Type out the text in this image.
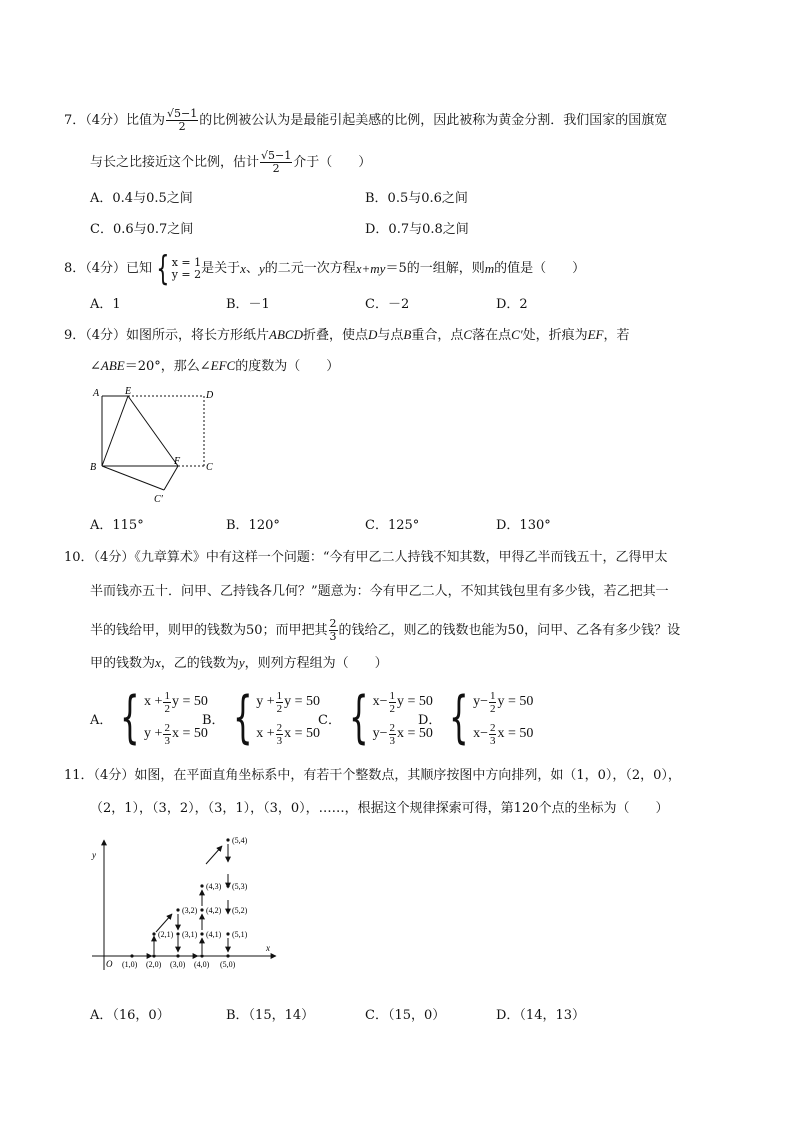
7．（4分）比值为 $\frac{√5-1}{2}$ 的比例被公认为是最能引起美感的比例，因此被称为黄金分割．我们国家的国旗宽
与长之比接近这个比例，估计 $\frac{√5-1}{2}$ 介于（　　）
A．0.4与0.5之间	B．0.5与0.6之间
C．0.6与0.7之间	D．0.7与0.8之间
8．（4分）已知 { x = 1
y = 2 是关于 x 、 y 的二元一次方程 x+my ＝5的一组解，则 m 的值是（　　）
A．1	B．－1	C．－2	D．2
9．（4分）如图所示，将长方形纸片ABCD折叠，使点D与点B重合，点C落在点C′处，折痕为EF，若
∠ABE＝20°，那么∠EFC的度数为（　　）
A	E	D
B
F
C
C′
A．115°	B．120°	C．125°	D．130°
10．（4分）《九章算术》中有这样一个问题：“今有甲乙二人持钱不知其数，甲得乙半而钱五十，乙得甲太
半而钱亦五十．问甲、乙持钱各几何？”题意为：今有甲乙二人，不知其钱包里有多少钱，若乙把其一
半的钱给甲，则甲的钱数为50；而甲把其 $\frac{2}{3}$ 的钱给乙，则乙的钱数也能为50，问甲、乙各有多少钱？设
甲的钱数为x，乙的钱数为y，则列方程组为（　　）
A． { $x + \frac{1}{2}$ y = 50
$y + \frac{2}{3}$ x = 50
B． { $y + \frac{1}{2}$ y = 50
$x + \frac{2}{3}$ x = 50
C． { $x- \frac{1}{2}$ y = 50
$y- \frac{2}{3}$ x = 50
D． { $y- \frac{1}{2}$ y = 50
$x- \frac{2}{3}$ x = 50
11．（4分）如图，在平面直角坐标系中，有若干个整数点，其顺序按图中方向排列，如（1，0），（2，0），
（2，1），（3，2），（3，1），（3，0），……，根据这个规律探索可得，第120个点的坐标为（　　）
x
y
O (1,0) (2,0) (3,0) (4,0) (5,0)
(2,1) (3,1) (4,1) (5,1)
(3,2) (4,2) (5,2)
(4,3) (5,3)
(5,4)
A．（16，0）	B．（15，14）	C．（15，0）	D．（14，13）
